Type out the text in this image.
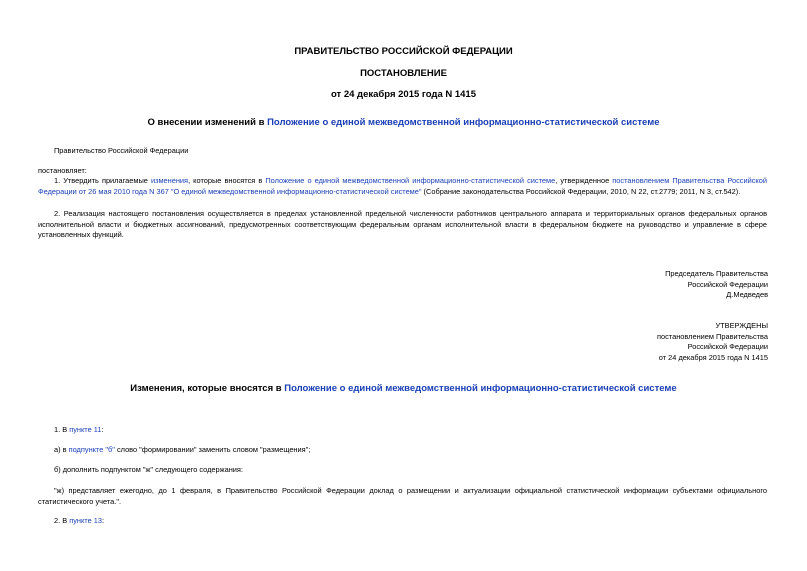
ПРАВИТЕЛЬСТВО РОССИЙСКОЙ ФЕДЕРАЦИИ
ПОСТАНОВЛЕНИЕ
от 24 декабря 2015 года N 1415
О внесении изменений в Положение о единой межведомственной информационно-статистической системе
Правительство Российской Федерации
постановляет:
1. Утвердить прилагаемые изменения, которые вносятся в Положение о единой межведомственной информационно-статистической системе, утвержденное постановлением Правительства Российской Федерации от 26 мая 2010 года N 367 "О единой межведомственной информационно-статистической системе" (Собрание законодательства Российской Федерации, 2010, N 22, ст.2779; 2011, N 3, ст.542).
2. Реализация настоящего постановления осуществляется в пределах установленной предельной численности работников центрального аппарата и территориальных органов федеральных органов исполнительной власти и бюджетных ассигнований, предусмотренных соответствующим федеральным органам исполнительной власти в федеральном бюджете на руководство и управление в сфере установленных функций.
Председатель Правительства
Российской Федерации
Д.Медведев
УТВЕРЖДЕНЫ
постановлением Правительства
Российской Федерации
от 24 декабря 2015 года N 1415
Изменения, которые вносятся в Положение о единой межведомственной информационно-статистической системе
1. В пункте 11:
а) в подпункте "б" слово "формировании" заменить словом "размещения";
б) дополнить подпунктом "ж" следующего содержания:
"ж) представляет ежегодно, до 1 февраля, в Правительство Российской Федерации доклад о размещении и актуализации официальной статистической информации субъектами официального статистического учета.".
2. В пункте 13:
